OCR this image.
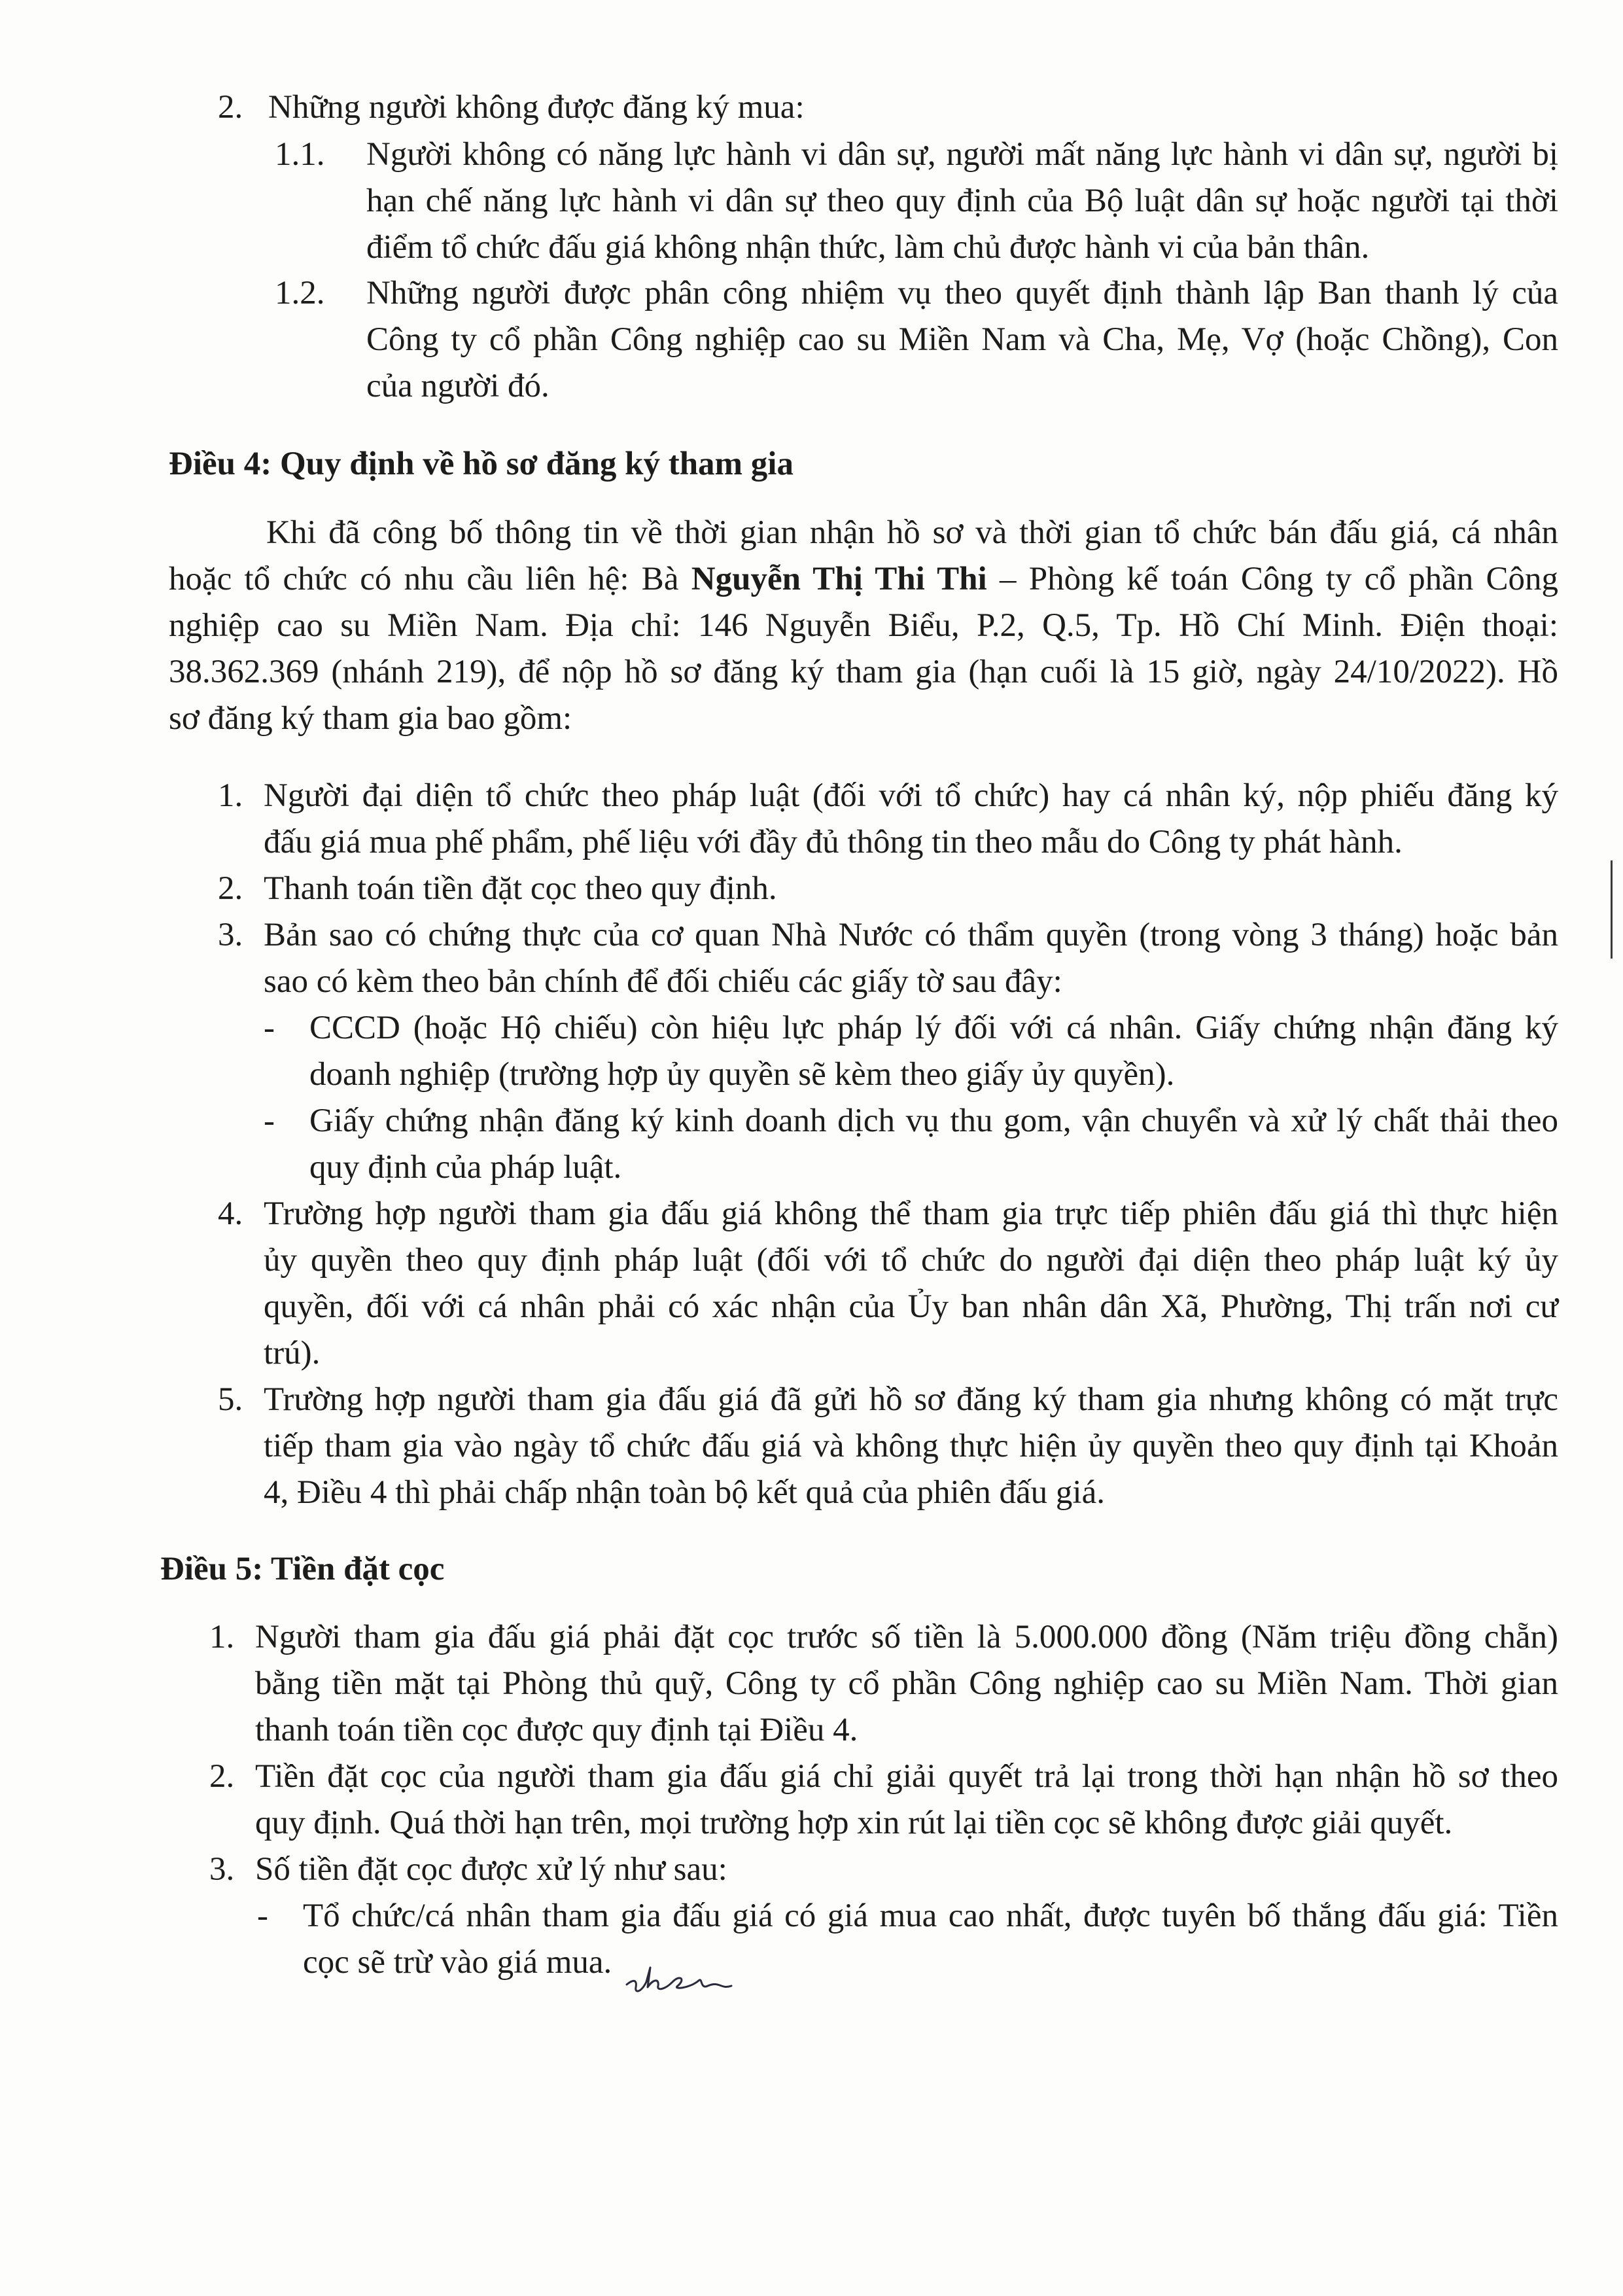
2. Những người không được đăng ký mua:
1.1. Người không có năng lực hành vi dân sự, người mất năng lực hành vi dân sự, người bị
hạn chế năng lực hành vi dân sự theo quy định của Bộ luật dân sự hoặc người tại thời
điểm tổ chức đấu giá không nhận thức, làm chủ được hành vi của bản thân.
1.2. Những người được phân công nhiệm vụ theo quyết định thành lập Ban thanh lý của
Công ty cổ phần Công nghiệp cao su Miền Nam và Cha, Mẹ, Vợ (hoặc Chồng), Con
của người đó.
Điều 4: Quy định về hồ sơ đăng ký tham gia
Khi đã công bố thông tin về thời gian nhận hồ sơ và thời gian tổ chức bán đấu giá, cá nhân
hoặc tổ chức có nhu cầu liên hệ: Bà Nguyễn Thị Thi Thi – Phòng kế toán Công ty cổ phần Công
nghiệp cao su Miền Nam. Địa chỉ: 146 Nguyễn Biểu, P.2, Q.5, Tp. Hồ Chí Minh. Điện thoại:
38.362.369 (nhánh 219), để nộp hồ sơ đăng ký tham gia (hạn cuối là 15 giờ, ngày 24/10/2022). Hồ
sơ đăng ký tham gia bao gồm:
1. Người đại diện tổ chức theo pháp luật (đối với tổ chức) hay cá nhân ký, nộp phiếu đăng ký
đấu giá mua phế phẩm, phế liệu với đầy đủ thông tin theo mẫu do Công ty phát hành.
2. Thanh toán tiền đặt cọc theo quy định.
3. Bản sao có chứng thực của cơ quan Nhà Nước có thẩm quyền (trong vòng 3 tháng) hoặc bản
sao có kèm theo bản chính để đối chiếu các giấy tờ sau đây:
- CCCD (hoặc Hộ chiếu) còn hiệu lực pháp lý đối với cá nhân. Giấy chứng nhận đăng ký
doanh nghiệp (trường hợp ủy quyền sẽ kèm theo giấy ủy quyền).
- Giấy chứng nhận đăng ký kinh doanh dịch vụ thu gom, vận chuyển và xử lý chất thải theo
quy định của pháp luật.
4. Trường hợp người tham gia đấu giá không thể tham gia trực tiếp phiên đấu giá thì thực hiện
ủy quyền theo quy định pháp luật (đối với tổ chức do người đại diện theo pháp luật ký ủy
quyền, đối với cá nhân phải có xác nhận của Ủy ban nhân dân Xã, Phường, Thị trấn nơi cư
trú).
5. Trường hợp người tham gia đấu giá đã gửi hồ sơ đăng ký tham gia nhưng không có mặt trực
tiếp tham gia vào ngày tổ chức đấu giá và không thực hiện ủy quyền theo quy định tại Khoản
4, Điều 4 thì phải chấp nhận toàn bộ kết quả của phiên đấu giá.
Điều 5: Tiền đặt cọc
1. Người tham gia đấu giá phải đặt cọc trước số tiền là 5.000.000 đồng (Năm triệu đồng chẵn)
bằng tiền mặt tại Phòng thủ quỹ, Công ty cổ phần Công nghiệp cao su Miền Nam. Thời gian
thanh toán tiền cọc được quy định tại Điều 4.
2. Tiền đặt cọc của người tham gia đấu giá chỉ giải quyết trả lại trong thời hạn nhận hồ sơ theo
quy định. Quá thời hạn trên, mọi trường hợp xin rút lại tiền cọc sẽ không được giải quyết.
3. Số tiền đặt cọc được xử lý như sau:
- Tổ chức/cá nhân tham gia đấu giá có giá mua cao nhất, được tuyên bố thắng đấu giá: Tiền
cọc sẽ trừ vào giá mua.
